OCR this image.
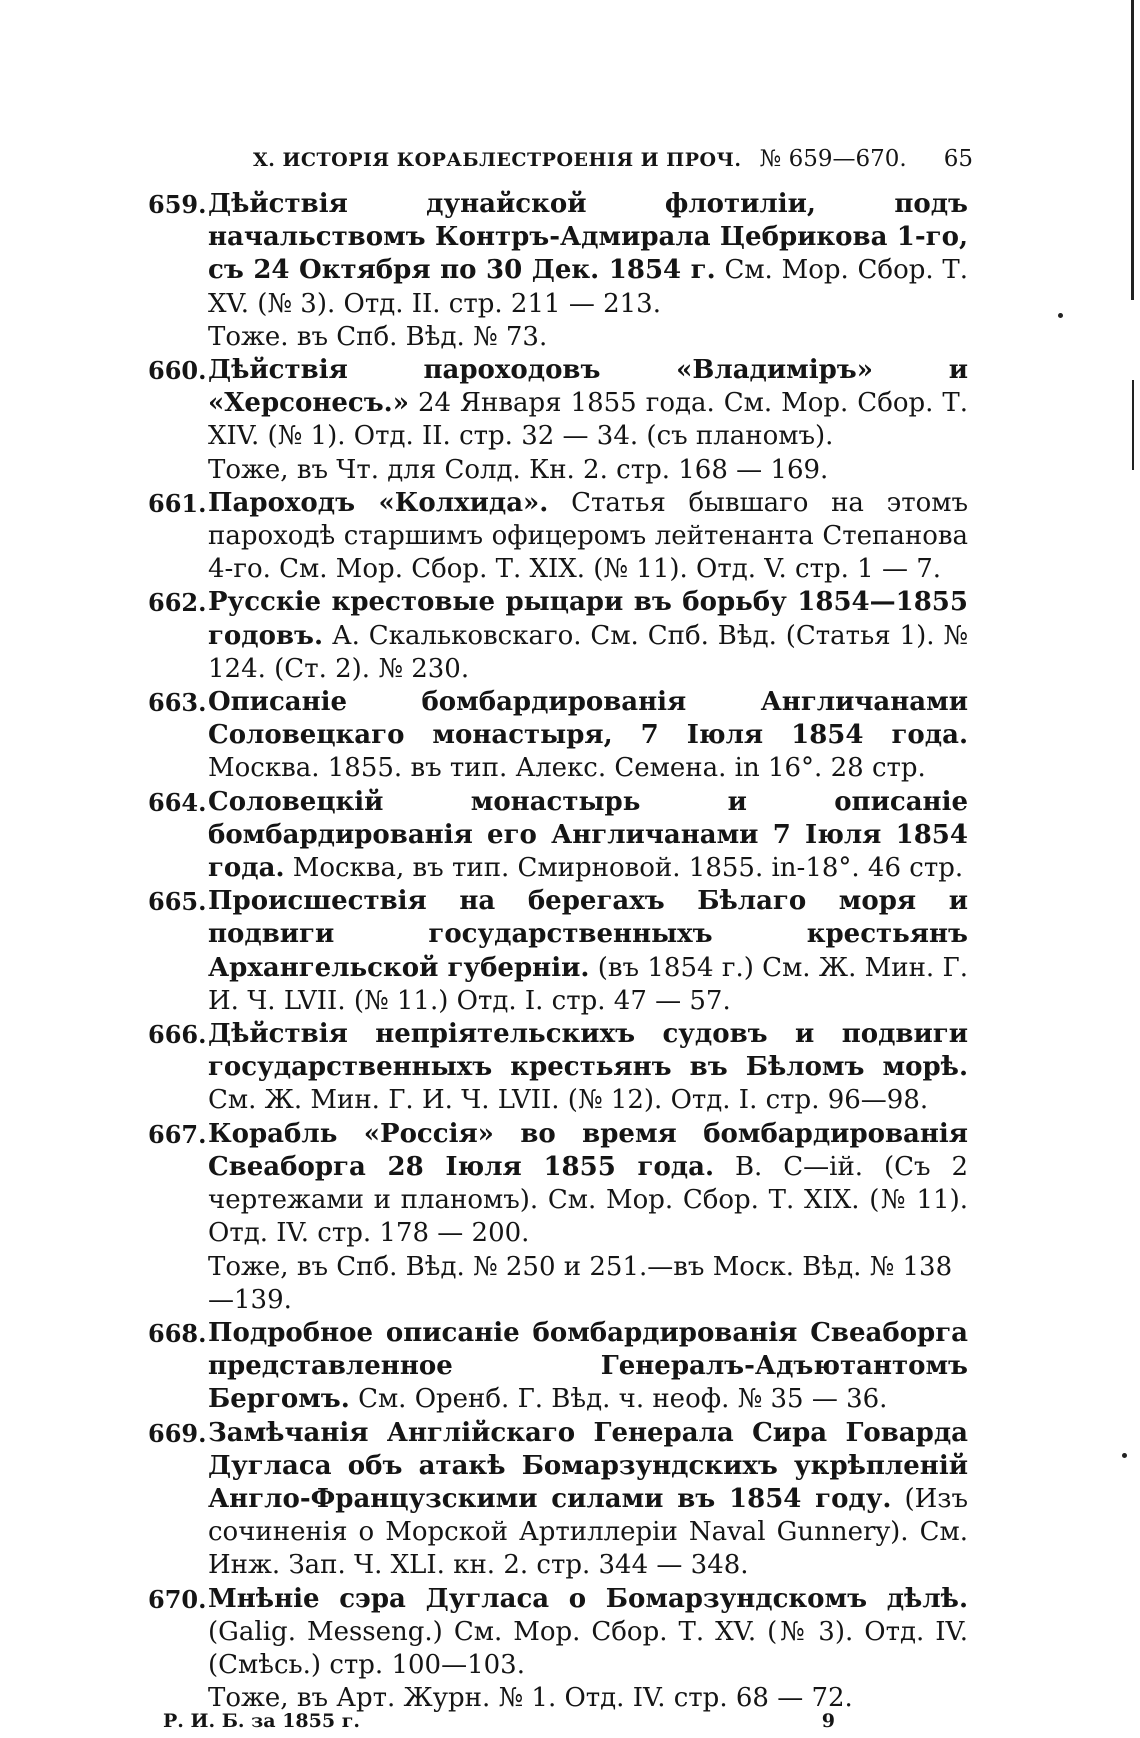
X. ИСТОРІЯ КОРАБЛЕСТРОЕНІЯ И ПРОЧ. № 659—670. 65
659. Дѣйствія дунайской флотиліи, подъ начальствомъ Контръ-Адмирала Цебрикова 1-го, съ 24 Октября по 30 Дек. 1854 г. См. Мор. Сбор. Т. XV. (№ 3). Отд. II. стр. 211 — 213.
Тоже. въ Спб. Вѣд. № 73.
660. Дѣйствія пароходовъ «Владиміръ» и «Херсонесъ.» 24 Января 1855 года. См. Мор. Сбор. Т. XIV. (№ 1). Отд. II. стр. 32 — 34. (съ планомъ).
Тоже, въ Чт. для Солд. Кн. 2. стр. 168 — 169.
661. Пароходъ «Колхида». Статья бывшаго на этомъ пароходѣ старшимъ офицеромъ лейтенанта Степанова 4-го. См. Мор. Сбор. Т. XIX. (№ 11). Отд. V. стр. 1 — 7.
662. Русскіе крестовые рыцари въ борьбу 1854—1855 годовъ. А. Скальковскаго. См. Спб. Вѣд. (Статья 1). № 124. (Ст. 2). № 230.
663. Описаніе бомбардированія Англичанами Соловецкаго монастыря, 7 Іюля 1854 года. Москва. 1855. въ тип. Алекс. Семена. in 16°. 28 стр.
664. Соловецкій монастырь и описаніе бомбардированія его Англичанами 7 Іюля 1854 года. Москва, въ тип. Смирновой. 1855. in-18°. 46 стр.
665. Происшествія на берегахъ Бѣлаго моря и подвиги государственныхъ крестьянъ Архангельской губерніи. (въ 1854 г.) См. Ж. Мин. Г. И. Ч. LVII. (№ 11.) Отд. I. стр. 47 — 57.
666. Дѣйствія непріятельскихъ судовъ и подвиги государственныхъ крестьянъ въ Бѣломъ морѣ. См. Ж. Мин. Г. И. Ч. LVII. (№ 12). Отд. I. стр. 96—98.
667. Корабль «Россія» во время бомбардированія Свеаборга 28 Іюля 1855 года. В. С—ій. (Съ 2 чертежами и планомъ). См. Мор. Сбор. Т. XIX. (№ 11). Отд. IV. стр. 178 — 200.
Тоже, въ Спб. Вѣд. № 250 и 251.—въ Моск. Вѣд. № 138—139.
668. Подробное описаніе бомбардированія Свеаборга представленное Генералъ-Адъютантомъ Бергомъ. См. Оренб. Г. Вѣд. ч. неоф. № 35 — 36.
669. Замѣчанія Англійскаго Генерала Сира Говарда Дугласа объ атакѣ Бомарзундскихъ укрѣпленій Англо-Французскими силами въ 1854 году. (Изъ сочиненія о Морской Артиллеріи Naval Gunnery). См. Инж. Зап. Ч. XLI. кн. 2. стр. 344 — 348.
670. Мнѣніе сэра Дугласа о Бомарзундскомъ дѣлѣ. (Galig. Messeng.) См. Мор. Сбор. Т. XV. (№ 3). Отд. IV. (Смѣсь.) стр. 100—103.
Тоже, въ Арт. Журн. № 1. Отд. IV. стр. 68 — 72.
Р. И. Б. за 1855 г.	9
